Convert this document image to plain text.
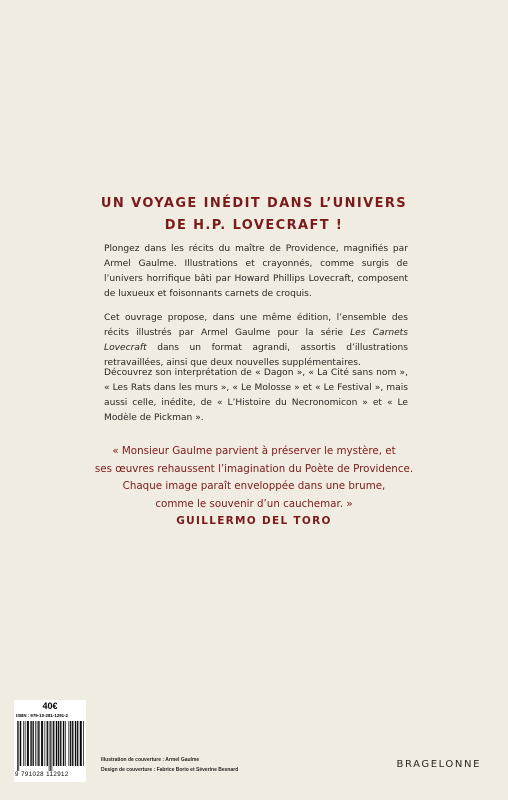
UN VOYAGE INÉDIT DANS L’UNIVERS
DE H.P. LOVECRAFT !
Plongez dans les récits du maître de Providence, magnifiés par Armel Gaulme. Illustrations et crayonnés, comme surgis de l’univers horrifique bâti par Howard Phillips Lovecraft, composent de luxueux et foisonnants carnets de croquis.
Cet ouvrage propose, dans une même édition, l’ensemble des récits illustrés par Armel Gaulme pour la série Les Carnets Lovecraft dans un format agrandi, assortis d’illustrations retravaillées, ainsi que deux nouvelles supplémentaires.
Découvrez son interprétation de « Dagon », « La Cité sans nom », « Les Rats dans les murs », « Le Molosse » et « Le Festival », mais aussi celle, inédite, de « L’Histoire du Necronomicon » et « Le Modèle de Pickman ».
« Monsieur Gaulme parvient à préserver le mystère, et
ses œuvres rehaussent l’imagination du Poète de Providence.
Chaque image paraît enveloppée dans une brume,
comme le souvenir d’un cauchemar. »
GUILLERMO DEL TORO
40€
ISBN : 979-10-281-1291-2
9 791028 112912
Illustration de couverture : Armel Gaulme
Design de couverture : Fabrice Borio et Séverine Besnard	BRAGELONNE
